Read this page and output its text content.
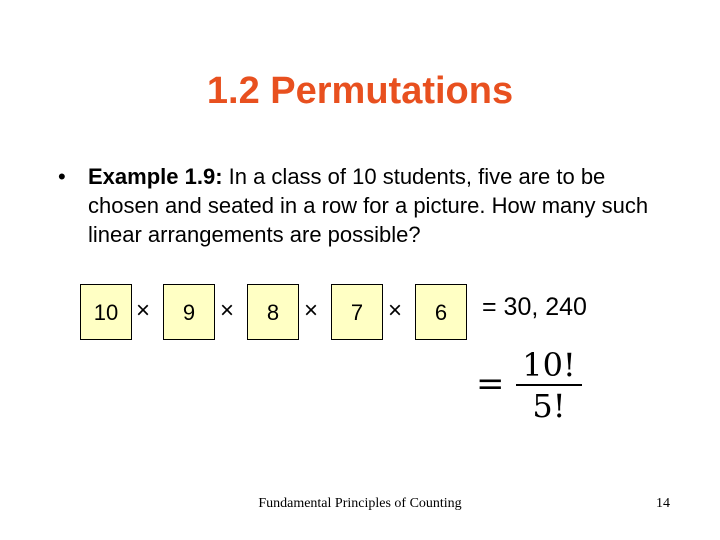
1.2 Permutations
• Example 1.9: In a class of 10 students, five are to be chosen and seated in a row for a picture. How many such linear arrangements are possible?
10 ×	9	×	8	×	7	×	6	= 30, 240
= 10!
5!
Fundamental Principles of Counting	14
